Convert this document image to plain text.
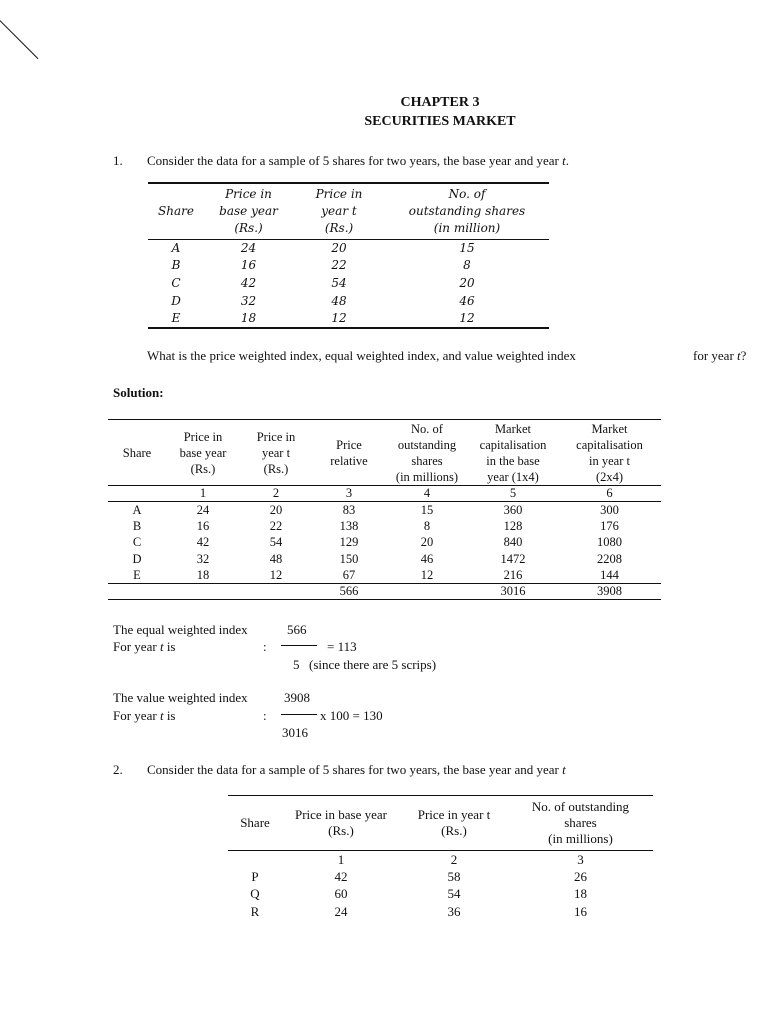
CHAPTER 3
SECURITIES MARKET
1. Consider the data for a sample of 5 shares for two years, the base year and year t.
Share	Price in
base year
(Rs.)	Price in
year t
(Rs.)	No. of
outstanding shares
(in million)
A	24	20	15
B	16	22	8
C	42	54	20
D	32	48	46
E	18	12	12
What is the price weighted index, equal weighted index, and value weighted index	for year t?
Solution:
Share	Price in
base year
(Rs.)	Price in
year t
(Rs.)	Price
relative	No. of
outstanding
shares
(in millions)	Market
capitalisation
in the base
year (1x4)	Market
capitalisation
in year t
(2x4)
	1	2	3	4	5	6
A	24	20	83	15	360	300
B	16	22	138	8	128	176
C	42	54	129	20	840	1080
D	32	48	150	46	1472	2208
E	18	12	67	12	216	144
			566		3016	3908
The equal weighted index
For year t is	:
566
= 113
5 (since there are 5 scrips)
The value weighted index
For year t is	:
3908
x 100 = 130
3016
2. Consider the data for a sample of 5 shares for two years, the base year and year t
Share	Price in base year
(Rs.)	Price in year t
(Rs.)	No. of outstanding
shares
(in millions)
	1	2	3
P	42	58	26
Q	60	54	18
R	24	36	16
